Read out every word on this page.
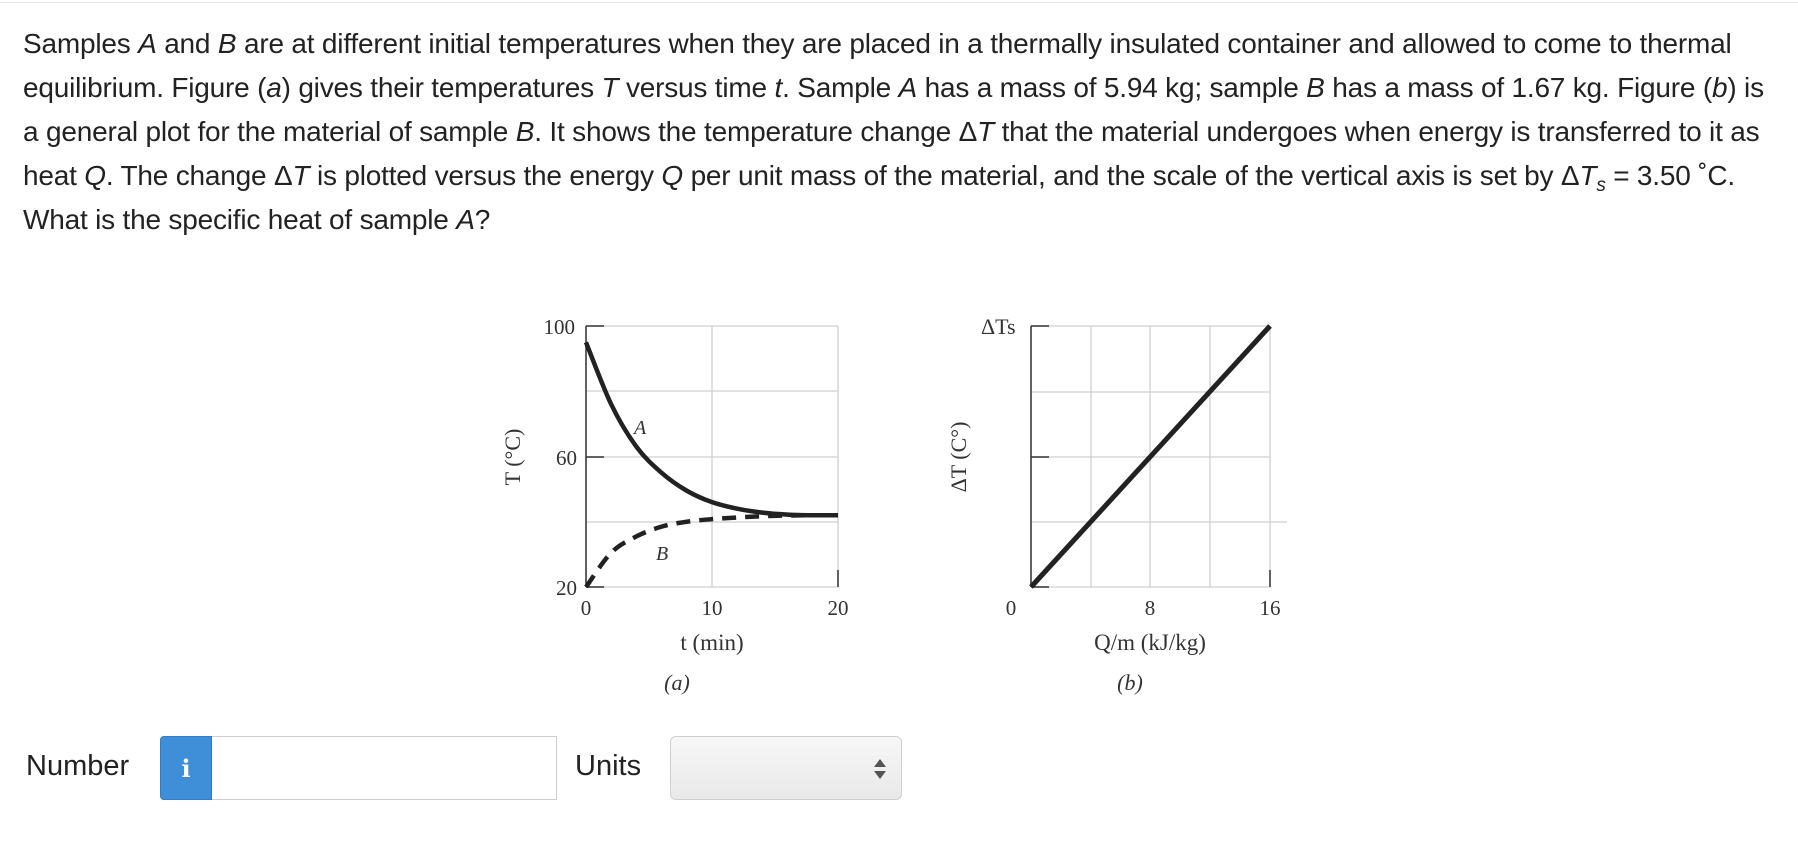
Samples A and B are at different initial temperatures when they are placed in a thermally insulated container and allowed to come to thermal equilibrium. Figure (a) gives their temperatures T versus time t. Sample A has a mass of 5.94 kg; sample B has a mass of 1.67 kg. Figure (b) is a general plot for the material of sample B. It shows the temperature change ΔT that the material undergoes when energy is transferred to it as heat Q. The change ΔT is plotted versus the energy Q per unit mass of the material, and the scale of the vertical axis is set by $\Delta T_s = 3.50$ ˚C.

What is the specific heat of sample A?

A
B
100
60
20
0	10	20
T (°C)
t (min)
(a)
ΔTs
0	8	16
ΔT (C°)
Q/m (kJ/kg)
(b)
Number i	Units
